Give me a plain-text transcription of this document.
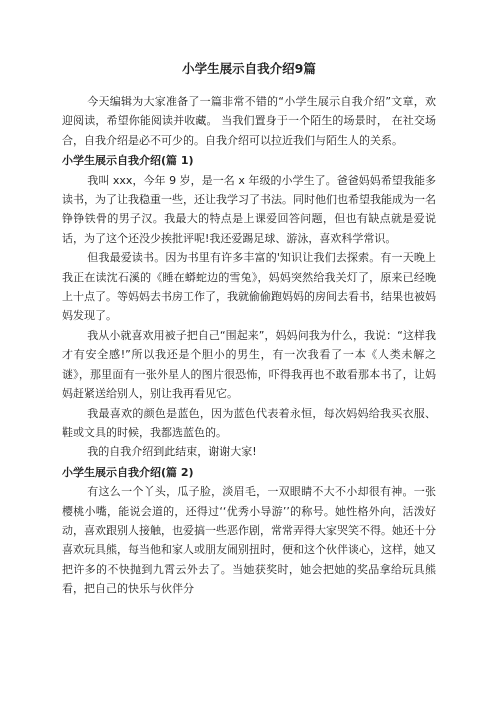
小学生展示自我介绍9篇

今天编辑为大家准备了一篇非常不错的“小学生展示自我介绍”文章，欢迎阅读，希望你能阅读并收藏。 当我们置身于一个陌生的场景时， 在社交场合，自我介绍是必不可少的。自我介绍可以拉近我们与陌生人的关系。

小学生展示自我介绍(篇 1)

我叫 xxx，今年 9 岁，是一名 x 年级的小学生了。爸爸妈妈希望我能多读书，为了让我稳重一些，还让我学习了书法。同时他们也希望我能成为一名铮铮铁骨的男子汉。我最大的特点是上课爱回答问题，但也有缺点就是爱说话，为了这个还没少挨批评呢!我还爱踢足球、游泳，喜欢科学常识。

但我最爱读书。因为书里有许多丰富的'知识让我们去探索。有一天晚上我正在读沈石溪的《睡在蟒蛇边的雪兔》，妈妈突然给我关灯了，原来已经晚上十点了。等妈妈去书房工作了，我就偷偷跑妈妈的房间去看书，结果也被妈妈发现了。

我从小就喜欢用被子把自己“围起来”，妈妈问我为什么，我说：“这样我才有安全感!”所以我还是个胆小的男生，有一次我看了一本《人类未解之谜》，那里面有一张外星人的图片很恐怖，吓得我再也不敢看那本书了，让妈妈赶紧送给别人，别让我再看见它。

我最喜欢的颜色是蓝色，因为蓝色代表着永恒，每次妈妈给我买衣服、鞋或文具的时候，我都选蓝色的。

我的自我介绍到此结束，谢谢大家!

小学生展示自我介绍(篇 2)

有这么一个丫头，瓜子脸，淡眉毛，一双眼睛不大不小却很有神。一张樱桃小嘴，能说会道的，还得过‘‘优秀小导游’’的称号。她性格外向，活泼好动，喜欢跟别人接触，也爱搞一些恶作剧，常常弄得大家哭笑不得。她还十分喜欢玩具熊，每当他和家人或朋友闹别扭时，便和这个伙伴谈心，这样，她又把许多的不快抛到九霄云外去了。当她获奖时，她会把她的奖品拿给玩具熊看，把自己的快乐与伙伴分
